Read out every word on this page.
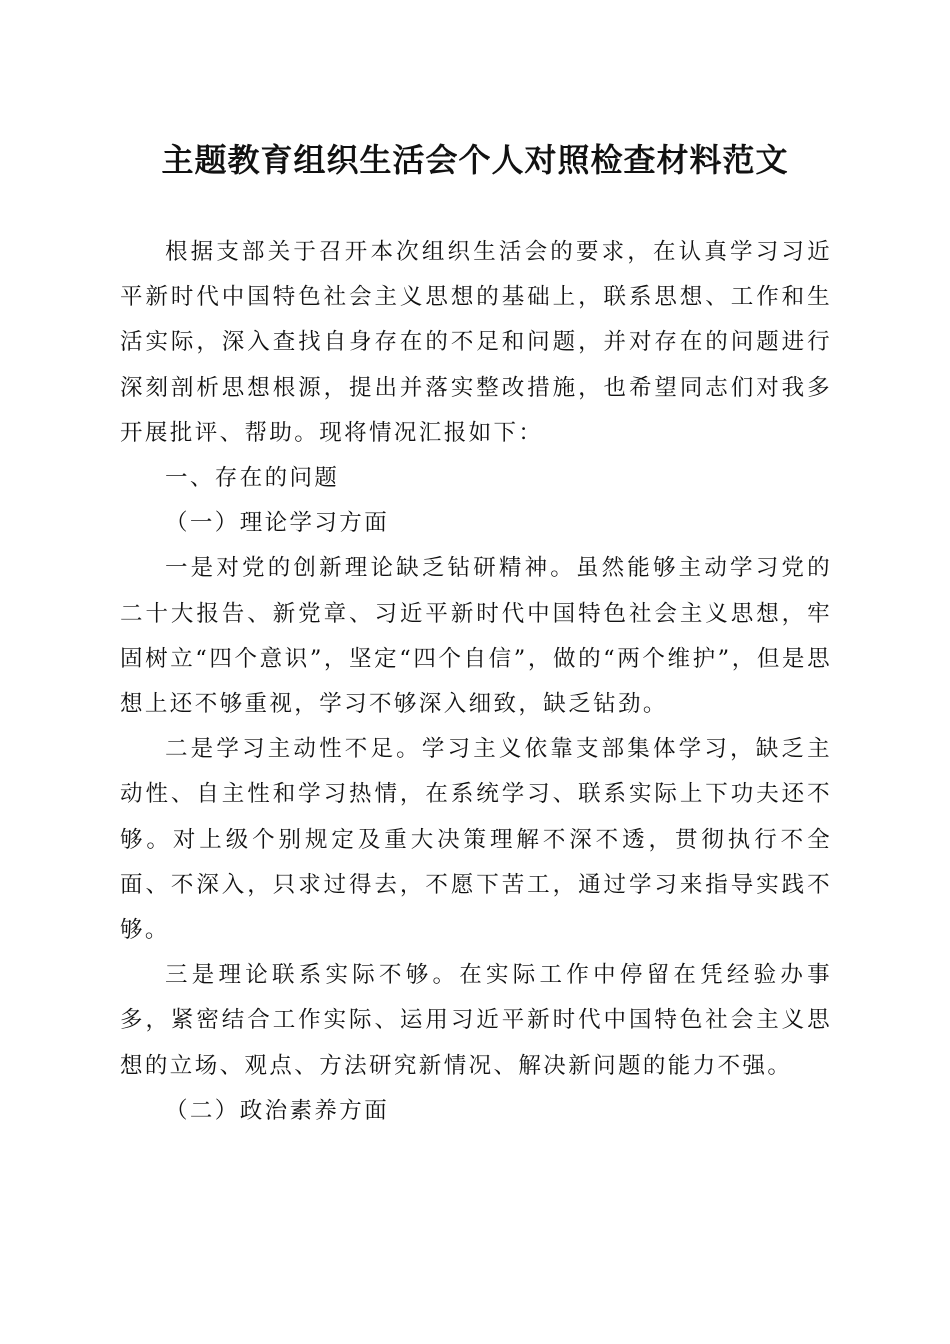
主题教育组织生活会个人对照检查材料范文

根据支部关于召开本次组织生活会的要求，在认真学习习近平新时代中国特色社会主义思想的基础上，联系思想、工作和生活实际，深入查找自身存在的不足和问题，并对存在的问题进行深刻剖析思想根源，提出并落实整改措施，也希望同志们对我多开展批评、帮助。现将情况汇报如下：

一、存在的问题

（一）理论学习方面

一是对党的创新理论缺乏钻研精神。虽然能够主动学习党的二十大报告、新党章、习近平新时代中国特色社会主义思想，牢固树立“四个意识”，坚定“四个自信”，做的“两个维护”，但是思想上还不够重视，学习不够深入细致，缺乏钻劲。

二是学习主动性不足。学习主义依靠支部集体学习，缺乏主动性、自主性和学习热情，在系统学习、联系实际上下功夫还不够。对上级个别规定及重大决策理解不深不透，贯彻执行不全面、不深入，只求过得去，不愿下苦工，通过学习来指导实践不够。

三是理论联系实际不够。在实际工作中停留在凭经验办事多，紧密结合工作实际、运用习近平新时代中国特色社会主义思想的立场、观点、方法研究新情况、解决新问题的能力不强。

（二）政治素养方面
